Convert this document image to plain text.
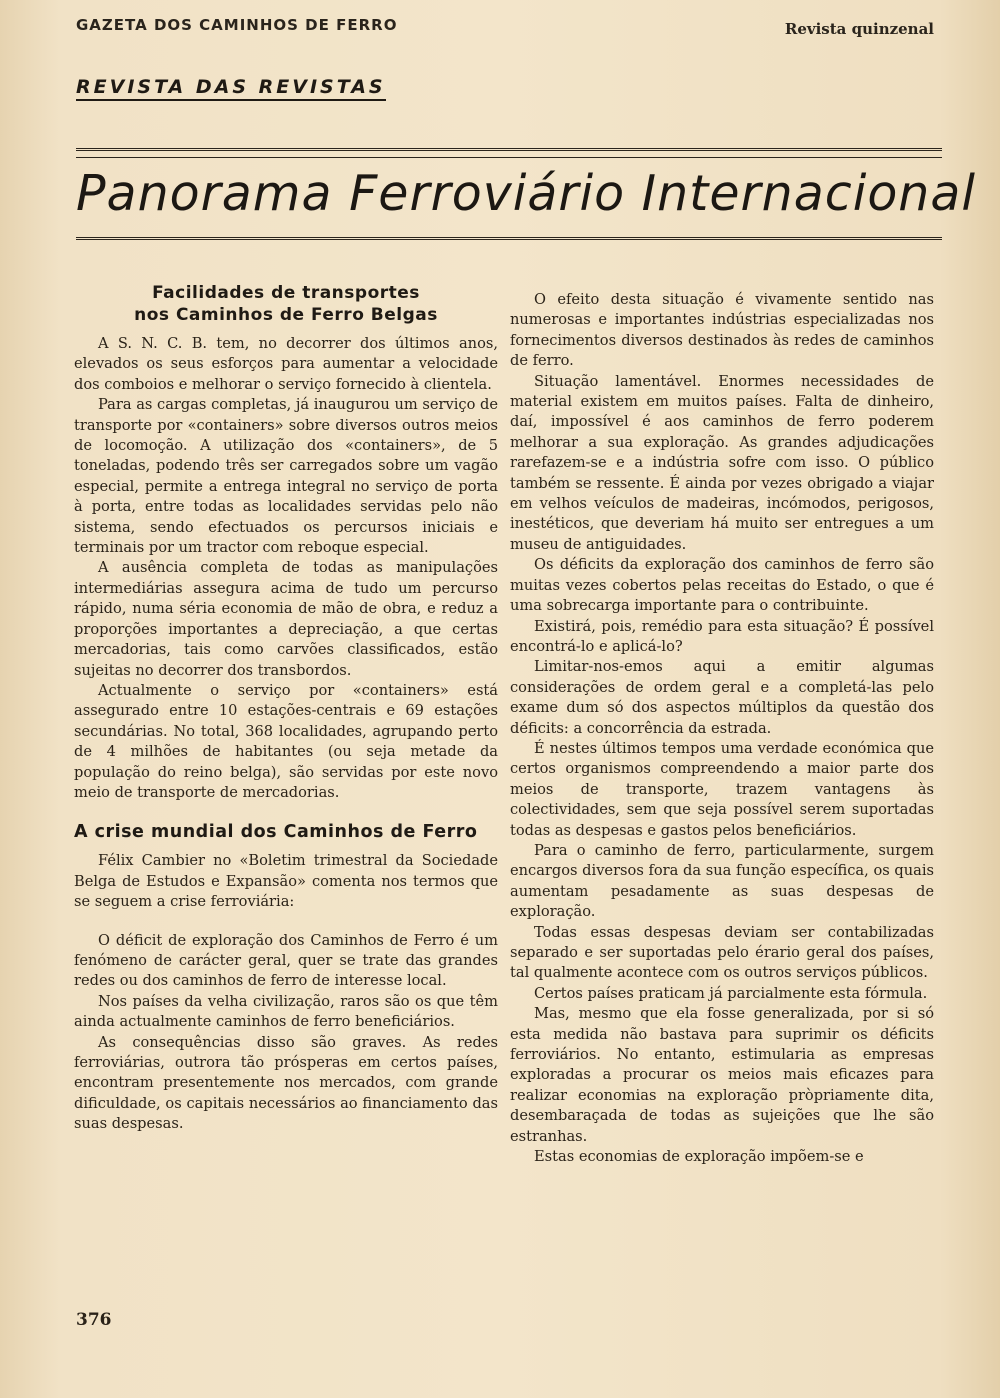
GAZETA DOS CAMINHOS DE FERRO	Revista quinzenal
REVISTA DAS REVISTAS
Panorama Ferroviário Internacional
Facilidades de transportes
nos Caminhos de Ferro Belgas

A S. N. C. B. tem, no decorrer dos últimos anos, elevados os seus esforços para aumentar a velocidade dos comboios e melhorar o serviço fornecido à clientela.

Para as cargas completas, já inaugurou um serviço de transporte por «containers» sobre diversos outros meios de locomoção. A utilização dos «containers», de 5 toneladas, podendo três ser carregados sobre um vagão especial, permite a entrega integral no serviço de porta à porta, entre todas as localidades servidas pelo não sistema, sendo efectuados os percursos iniciais e terminais por um tractor com reboque especial.

A ausência completa de todas as manipulações intermediárias assegura acima de tudo um percurso rápido, numa séria economia de mão de obra, e reduz a proporções importantes a depreciação, a que certas mercadorias, tais como carvões classificados, estão sujeitas no decorrer dos transbordos.

Actualmente o serviço por «containers» está assegurado entre 10 estações-centrais e 69 estações secundárias. No total, 368 localidades, agrupando perto de 4 milhões de habitantes (ou seja metade da população do reino belga), são servidas por este novo meio de transporte de mercadorias.

A crise mundial dos Caminhos de Ferro

Félix Cambier no «Boletim trimestral da Sociedade Belga de Estudos e Expansão» comenta nos termos que se seguem a crise ferroviária:

O déficit de exploração dos Caminhos de Ferro é um fenómeno de carácter geral, quer se trate das grandes redes ou dos caminhos de ferro de interesse local.

Nos países da velha civilização, raros são os que têm ainda actualmente caminhos de ferro beneficiários.

As consequências disso são graves. As redes ferroviárias, outrora tão prósperas em certos países, encontram presentemente nos mercados, com grande dificuldade, os capitais necessários ao financiamento das suas despesas.

O efeito desta situação é vivamente sentido nas numerosas e importantes indústrias especializadas nos fornecimentos diversos destinados às redes de caminhos de ferro.

Situação lamentável. Enormes necessidades de material existem em muitos países. Falta de dinheiro, daí, impossível é aos caminhos de ferro poderem melhorar a sua exploração. As grandes adjudicações rarefazem-se e a indústria sofre com isso. O público também se ressente. É ainda por vezes obrigado a viajar em velhos veículos de madeiras, incómodos, perigosos, inestéticos, que deveriam há muito ser entregues a um museu de antiguidades.

Os déficits da exploração dos caminhos de ferro são muitas vezes cobertos pelas receitas do Estado, o que é uma sobrecarga importante para o contribuinte.

Existirá, pois, remédio para esta situação? É possível encontrá-lo e aplicá-lo?

Limitar-nos-emos aqui a emitir algumas considerações de ordem geral e a completá-las pelo exame dum só dos aspectos múltiplos da questão dos déficits: a concorrência da estrada.

É nestes últimos tempos uma verdade económica que certos organismos compreendendo a maior parte dos meios de transporte, trazem vantagens às colectividades, sem que seja possível serem suportadas todas as despesas e gastos pelos beneficiários.

Para o caminho de ferro, particularmente, surgem encargos diversos fora da sua função específica, os quais aumentam pesadamente as suas despesas de exploração.

Todas essas despesas deviam ser contabilizadas separado e ser suportadas pelo érario geral dos países, tal qualmente acontece com os outros serviços públicos.

Certos países praticam já parcialmente esta fórmula.

Mas, mesmo que ela fosse generalizada, por si só esta medida não bastava para suprimir os déficits ferroviários. No entanto, estimularia as empresas exploradas a procurar os meios mais eficazes para realizar economias na exploração pròpriamente dita, desembaraçada de todas as sujeições que lhe são estranhas.

Estas economias de exploração impõem-se e

376
